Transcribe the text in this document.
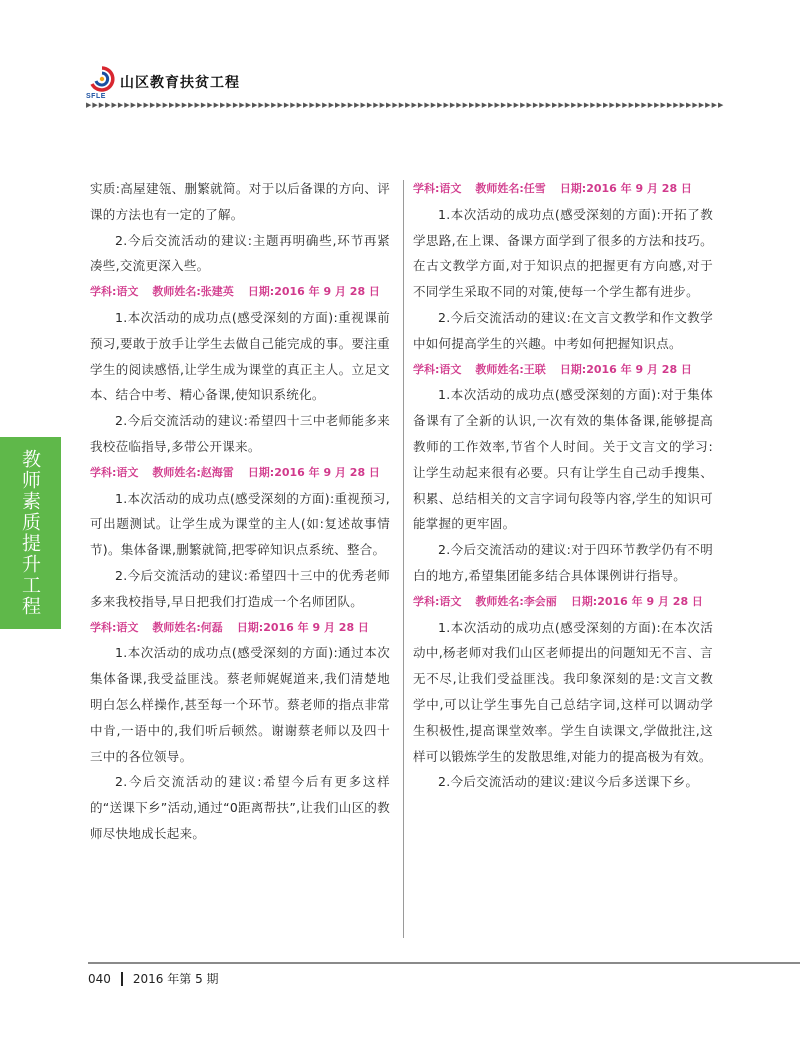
SFLE
山区教育扶贫工程
▶▶▶▶▶▶▶▶▶▶▶▶▶▶▶▶▶▶▶▶▶▶▶▶▶▶▶▶▶▶▶▶▶▶▶▶▶▶▶▶▶▶▶▶▶▶▶▶▶▶▶▶▶▶▶▶▶▶▶▶▶▶▶▶▶▶▶▶▶▶▶▶▶▶▶▶▶▶▶▶▶▶▶▶▶▶▶▶▶▶▶▶▶▶▶▶▶▶▶▶
教师素质提升工程

实质:高屋建瓴、删繁就简。对于以后备课的方向、评课的方法也有一定的了解。

2.今后交流活动的建议:主题再明确些,环节再紧凑些,交流更深入些。

学科:语文 教师姓名:张建英 日期:2016 年 9 月 28 日

1.本次活动的成功点(感受深刻的方面):重视课前预习,要敢于放手让学生去做自己能完成的事。要注重学生的阅读感悟,让学生成为课堂的真正主人。立足文本、结合中考、精心备课,使知识系统化。

2.今后交流活动的建议:希望四十三中老师能多来我校莅临指导,多带公开课来。

学科:语文 教师姓名:赵海雷 日期:2016 年 9 月 28 日

1.本次活动的成功点(感受深刻的方面):重视预习,可出题测试。让学生成为课堂的主人(如:复述故事情节)。集体备课,删繁就简,把零碎知识点系统、整合。

2.今后交流活动的建议:希望四十三中的优秀老师多来我校指导,早日把我们打造成一个名师团队。

学科:语文 教师姓名:何磊 日期:2016 年 9 月 28 日

1.本次活动的成功点(感受深刻的方面):通过本次集体备课,我受益匪浅。蔡老师娓娓道来,我们清楚地明白怎么样操作,甚至每一个环节。蔡老师的指点非常中肯,一语中的,我们听后顿然。谢谢蔡老师以及四十三中的各位领导。

2.今后交流活动的建议:希望今后有更多这样的“送课下乡”活动,通过“0距离帮扶”,让我们山区的教师尽快地成长起来。

学科:语文 教师姓名:任雪 日期:2016 年 9 月 28 日

1.本次活动的成功点(感受深刻的方面):开拓了教学思路,在上课、备课方面学到了很多的方法和技巧。在古文教学方面,对于知识点的把握更有方向感,对于不同学生采取不同的对策,使每一个学生都有进步。

2.今后交流活动的建议:在文言文教学和作文教学中如何提高学生的兴趣。中考如何把握知识点。

学科:语文 教师姓名:王联 日期:2016 年 9 月 28 日

1.本次活动的成功点(感受深刻的方面):对于集体备课有了全新的认识,一次有效的集体备课,能够提高教师的工作效率,节省个人时间。关于文言文的学习:让学生动起来很有必要。只有让学生自己动手搜集、积累、总结相关的文言字词句段等内容,学生的知识可能掌握的更牢固。

2.今后交流活动的建议:对于四环节教学仍有不明白的地方,希望集团能多结合具体课例讲行指导。

学科:语文 教师姓名:李会丽 日期:2016 年 9 月 28 日

1.本次活动的成功点(感受深刻的方面):在本次活动中,杨老师对我们山区老师提出的问题知无不言、言无不尽,让我们受益匪浅。我印象深刻的是:文言文教学中,可以让学生事先自己总结字词,这样可以调动学生积极性,提高课堂效率。学生自读课文,学做批注,这样可以锻炼学生的发散思维,对能力的提高极为有效。

2.今后交流活动的建议:建议今后多送课下乡。

040 2016 年第 5 期
